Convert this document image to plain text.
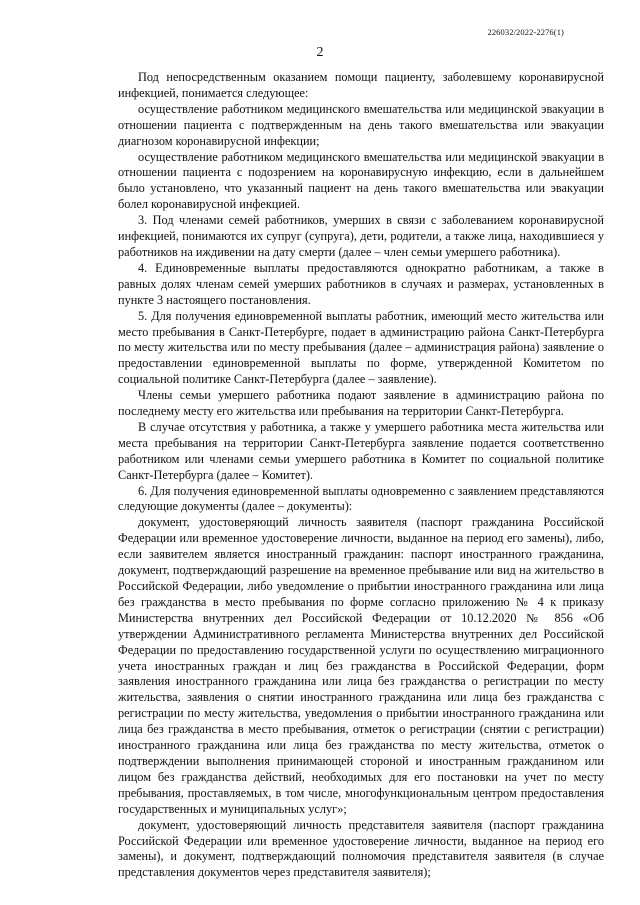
226032/2022-2276(1)
2

Под непосредственным оказанием помощи пациенту, заболевшему коронавирусной инфекцией, понимается следующее:

осуществление работником медицинского вмешательства или медицинской эвакуации в отношении пациента с подтвержденным на день такого вмешательства или эвакуации диагнозом коронавирусной инфекции;

осуществление работником медицинского вмешательства или медицинской эвакуации в отношении пациента с подозрением на коронавирусную инфекцию, если в дальнейшем было установлено, что указанный пациент на день такого вмешательства или эвакуации болел коронавирусной инфекцией.

3. Под членами семей работников, умерших в связи с заболеванием коронавирусной инфекцией, понимаются их супруг (супруга), дети, родители, а также лица, находившиеся у работников на иждивении на дату смерти (далее – член семьи умершего работника).

4. Единовременные выплаты предоставляются однократно работникам, а также в равных долях членам семей умерших работников в случаях и размерах, установленных в пункте 3 настоящего постановления.

5. Для получения единовременной выплаты работник, имеющий место жительства или место пребывания в Санкт-Петербурге, подает в администрацию района Санкт-Петербурга по месту жительства или по месту пребывания (далее – администрация района) заявление о предоставлении единовременной выплаты по форме, утвержденной Комитетом по социальной политике Санкт-Петербурга (далее – заявление).

Члены семьи умершего работника подают заявление в администрацию района по последнему месту его жительства или пребывания на территории Санкт-Петербурга.

В случае отсутствия у работника, а также у умершего работника места жительства или места пребывания на территории Санкт-Петербурга заявление подается соответственно работником или членами семьи умершего работника в Комитет по социальной политике Санкт-Петербурга (далее – Комитет).

6. Для получения единовременной выплаты одновременно с заявлением представляются следующие документы (далее – документы):

документ, удостоверяющий личность заявителя (паспорт гражданина Российской Федерации или временное удостоверение личности, выданное на период его замены), либо, если заявителем является иностранный гражданин: паспорт иностранного гражданина, документ, подтверждающий разрешение на временное пребывание или вид на жительство в Российской Федерации, либо уведомление о прибытии иностранного гражданина или лица без гражданства в место пребывания по форме согласно приложению № 4 к приказу Министерства внутренних дел Российской Федерации от 10.12.2020 № 856 «Об утверждении Административного регламента Министерства внутренних дел Российской Федерации по предоставлению государственной услуги по осуществлению миграционного учета иностранных граждан и лиц без гражданства в Российской Федерации, форм заявления иностранного гражданина или лица без гражданства о регистрации по месту жительства, заявления о снятии иностранного гражданина или лица без гражданства с регистрации по месту жительства, уведомления о прибытии иностранного гражданина или лица без гражданства в место пребывания, отметок о регистрации (снятии с регистрации) иностранного гражданина или лица без гражданства по месту жительства, отметок о подтверждении выполнения принимающей стороной и иностранным гражданином или лицом без гражданства действий, необходимых для его постановки на учет по месту пребывания, проставляемых, в том числе, многофункциональным центром предоставления государственных и муниципальных услуг»;

документ, удостоверяющий личность представителя заявителя (паспорт гражданина Российской Федерации или временное удостоверение личности, выданное на период его замены), и документ, подтверждающий полномочия представителя заявителя (в случае представления документов через представителя заявителя);
